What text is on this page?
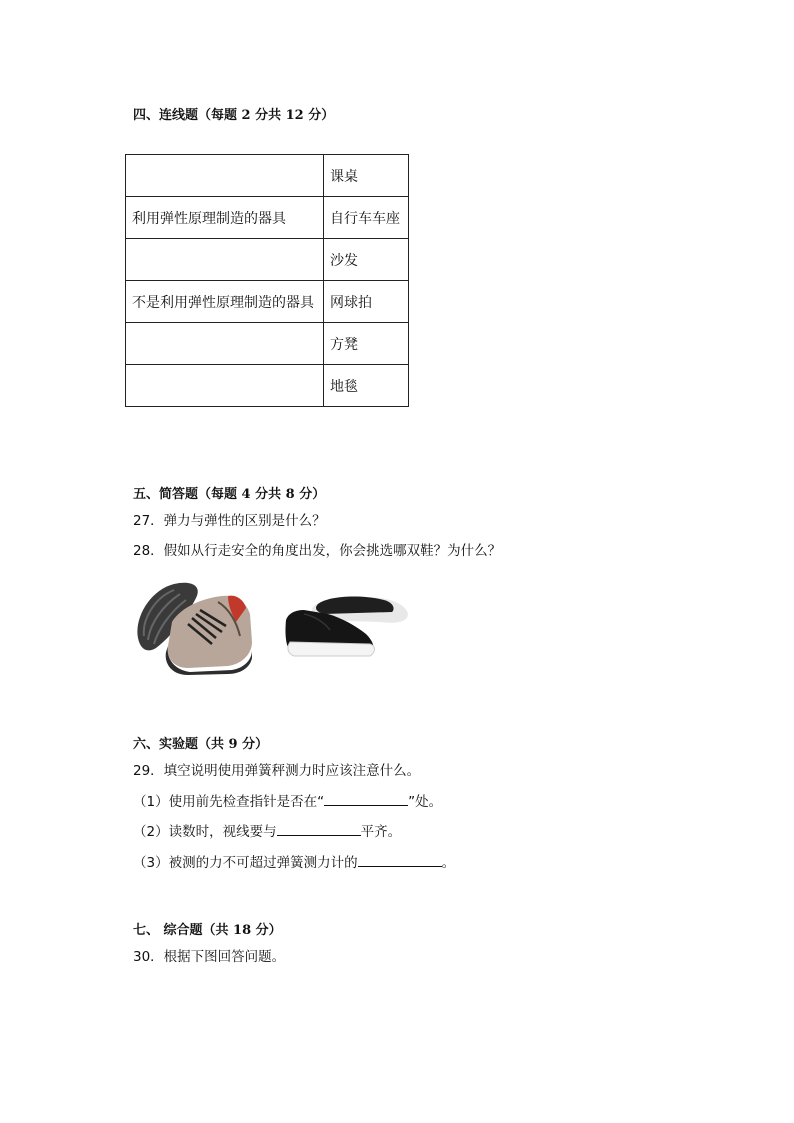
四、连线题（每题 2 分共 12 分）
	课桌
利用弹性原理制造的器具	自行车车座
	沙发
不是利用弹性原理制造的器具	网球拍
	方凳
	地毯
五、简答题（每题 4 分共 8 分）
27．弹力与弹性的区别是什么？
28．假如从行走安全的角度出发，你会挑选哪双鞋？为什么？
六、实验题（共 9 分）
29．填空说明使用弹簧秤测力时应该注意什么。
（1）使用前先检查指针是否在“	”处。
（2）读数时，视线要与	平齐。
（3）被测的力不可超过弹簧测力计的	。
七、 综合题（共 18 分）
30．根据下图回答问题。
